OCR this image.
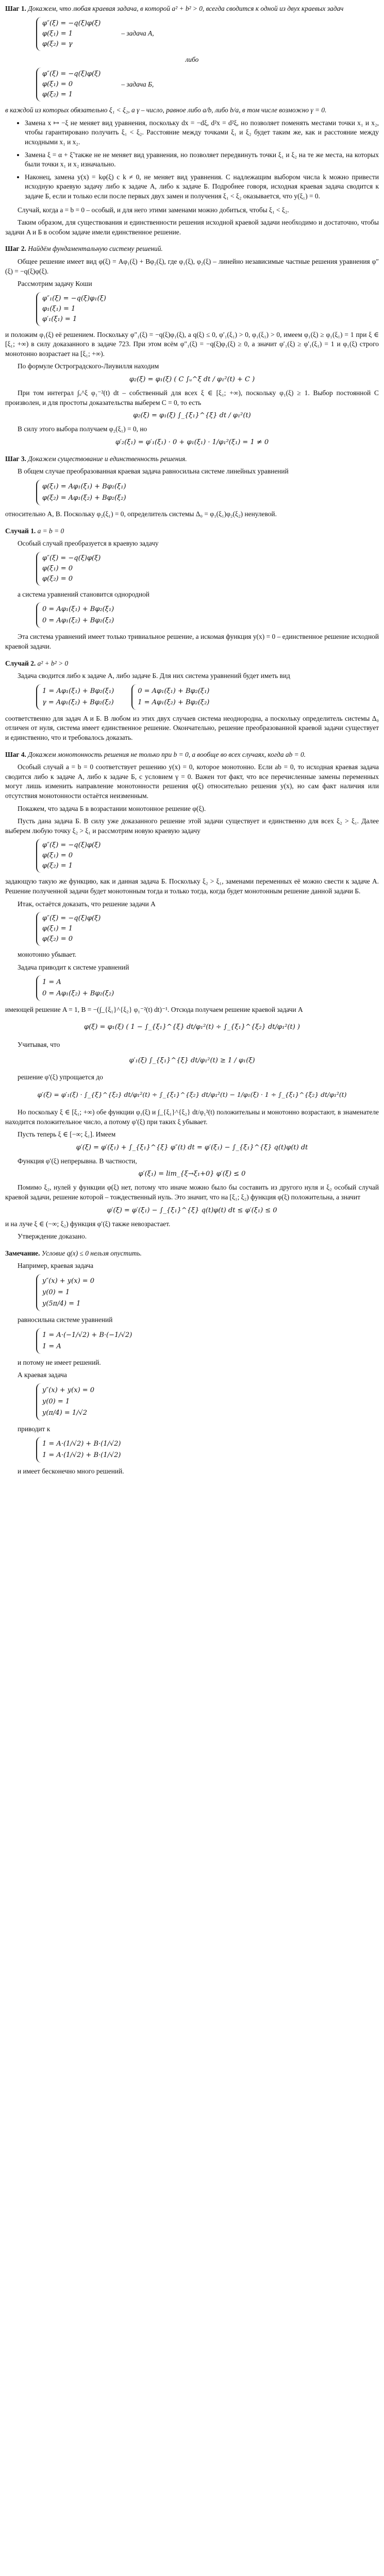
Шаг 1. Докажем, что любая краевая задача, в которой a² + b² > 0, всегда сводится к одной из двух краевых задач

φ″(ξ) = −q(ξ)φ(ξ)
φ(ξ₁) = 1
φ(ξ₂) = γ
– задача A,

либо

φ″(ξ) = −q(ξ)φ(ξ)
φ(ξ₁) = 0
φ(ξ₂) = 1
– задача Б,

в каждой из которых обязательно ξ₁ < ξ₂, а γ – число, равное либо a/b, либо b/a, в том числе возможно γ = 0.

• Замена x ↦ −ξ не меняет вид уравнения, поскольку dx = −dξ, d²x = d²ξ, но позволяет поменять местами точки x₁ и x₂, чтобы гарантировано получить ξ₁ < ξ₂. Расстояние между точками ξ₁ и ξ₂ будет таким же, как и расстояние между исходными x₁ и x₂.
• Замена ξ = α + ξ̃ также не не меняет вид уравнения, но позволяет передвинуть точки ξ₁ и ξ₂ на те же места, на которых были точки x₁ и x₂ изначально.
• Наконец, замена y(x) = kφ(ξ) с k ≠ 0, не меняет вид уравнения. С надлежащим выбором числа k можно привести исходную краевую задачу либо к задаче A, либо к задаче Б. Подробнее говоря, исходная краевая задача сводится к задаче Б, если и только если после первых двух замен и получения ξ₁ < ξ₂ оказывается, что y(ξ₁) = 0.

Случай, когда a = b = 0 – особый, и для него этими заменами можно добиться, чтобы ξ₁ < ξ₂.

Таким образом, для существования и единственности решения исходной краевой задачи необходимо и достаточно, чтобы задачи A и Б в особом задаче имели единственное решение.

Шаг 2. Найдём фундаментальную систему решений.

Общее решение имеет вид φ(ξ) = Aφ₁(ξ) + Bφ₂(ξ), где φ₁(ξ), φ₂(ξ) – линейно независимые частные решения уравнения φ″(ξ) = −q(ξ)φ(ξ).

Рассмотрим задачу Коши

φ″₁(ξ) = −q(ξ)φ₁(ξ)
φ₁(ξ₁) = 1
φ′₁(ξ₁) = 1

и положим φ₁(ξ) её решением. Поскольку φ″₁(ξ) = −q(ξ)φ₁(ξ), а q(ξ) ≤ 0, φ′₁(ξ₁) > 0, φ₁(ξ₁) > 0, имеем φ₁(ξ) ≥ φ₁(ξ₁) = 1 при ξ ∈ [ξ₁; +∞) в силу доказанного в задаче 723. При этом всём φ″₁(ξ) = −q(ξ)φ₁(ξ) ≥ 0, а значит φ′₁(ξ) ≥ φ′₁(ξ₁) = 1 и φ₁(ξ) строго монотонно возрастает на [ξ₁; +∞).

По формуле Остроградского-Лиувилля находим

φ₂(ξ) = φ₁(ξ) ( C ∫ᵤ^ξ dt / φ₁²(t) + C )

При том интеграл ∫ᵤ^ξ φ₁⁻²(t) dt – собственный для всех ξ ∈ [ξ₁; +∞), поскольку φ₁(ξ) ≥ 1. Выбор постоянной C произволен, и для простоты доказательства выберем C = 0, то есть

φ₂(ξ) = φ₁(ξ) ∫_{ξ₁}^{ξ} dt / φ₁²(t)

В силу этого выбора получаем φ₂(ξ₁) = 0, но

φ′₂(ξ₁) = φ′₁(ξ₁) · 0 + φ₁(ξ₁) · 1/φ₁²(ξ₁) = 1 ≠ 0

Шаг 3. Докажем существование и единственность решения.

В общем случае преобразованная краевая задача равносильна системе линейных уравнений

φ(ξ₁) = Aφ₁(ξ₁) + Bφ₂(ξ₁)
φ(ξ₂) = Aφ₁(ξ₂) + Bφ₂(ξ₂)

относительно A, B. Поскольку φ₂(ξ₁) = 0, определитель системы Δ₀ = φ₁(ξ₁)φ₂(ξ₂) ненулевой.

Случай 1. a = b = 0

Особый случай преобразуется в краевую задачу

φ″(ξ) = −q(ξ)φ(ξ)
φ(ξ₁) = 0
φ(ξ₂) = 0

а система уравнений становится однородной

0 = Aφ₁(ξ₁) + Bφ₂(ξ₁)
0 = Aφ₁(ξ₂) + Bφ₂(ξ₂)

Эта система уравнений имеет только тривиальное решение, а искомая функция y(x) = 0 – единственное решение исходной краевой задачи.

Случай 2. a² + b² > 0

Задача сводится либо к задаче A, либо задаче Б. Для них система уравнений будет иметь вид

1 = Aφ₁(ξ₁) + Bφ₂(ξ₁)
γ = Aφ₁(ξ₂) + Bφ₂(ξ₂)
0 = Aφ₁(ξ₁) + Bφ₂(ξ₁)
1 = Aφ₁(ξ₂) + Bφ₂(ξ₂)

соответственно для задач A и Б. В любом из этих двух случаев система неоднородна, а поскольку определитель системы Δ₀ отличен от нуля, система имеет единственное решение. Окончательно, решение преобразованной краевой задачи существует и единственно, что и требовалось доказать.

Шаг 4. Докажем монотонность решения не только при b = 0, а вообще во всех случаях, когда ab = 0.

Особый случай a = b = 0 соответствует решению y(x) = 0, которое монотонно. Если ab = 0, то исходная краевая задача сводится либо к задаче A, либо к задаче Б, с условием γ = 0. Важен тот факт, что все перечисленные замены переменных могут лишь изменить направление монотонности решения φ(ξ) относительно решения y(x), но сам факт наличия или отсутствия монотонности остаётся неизменным.

Покажем, что задача Б в возрастании монотонное решение φ(ξ).

Пусть дана задача Б. В силу уже доказанного решение этой задачи существует и единственно для всех ξ₂ > ξ₁. Далее выберем любую точку ξ₂ > ξ₁ и рассмотрим новую краевую задачу

φ″(ξ) = −q(ξ)φ(ξ)
φ(ξ₁) = 0
φ(ξ₂) = 1

задающую такую же функцию, как и данная задача Б. Поскольку ξ₂ > ξ₁, заменами переменных её можно свести к задаче A. Решение полученной задачи будет монотонным тогда и только тогда, когда будет монотонным решение данной задачи Б.

Итак, остаётся доказать, что решение задачи A

φ″(ξ) = −q(ξ)φ(ξ)
φ(ξ₁) = 1
φ(ξ₂) = 0

монотонно убывает.

Задача приводит к системе уравнений

1 = A
0 = Aφ₁(ξ₂) + Bφ₂(ξ₂)

имеющей решение A = 1, B = −(∫_{ξ₁}^{ξ₂} φ₁⁻²(t) dt)⁻¹. Отсюда получаем решение краевой задачи A

φ(ξ) = φ₁(ξ) ( 1 − ∫_{ξ₁}^{ξ} dt/φ₁²(t) ÷ ∫_{ξ₁}^{ξ₂} dt/φ₁²(t) )

Учитывая, что

φ′₁(ξ) ∫_{ξ₁}^{ξ} dt/φ₁²(t) ≥ 1 / φ₁(ξ)

решение φ′(ξ) упрощается до

φ′(ξ) = φ′₁(ξ) · ∫_{ξ}^{ξ₂} dt/φ₁²(t) ÷ ∫_{ξ₁}^{ξ₂} dt/φ₁²(t) − 1/φ₁(ξ) · 1 ÷ ∫_{ξ₁}^{ξ₂} dt/φ₁²(t)

Но поскольку ξ ∈ [ξ₁; +∞) обе функции φ₁(ξ) и ∫_{ξ₁}^{ξ₂} dt/φ₁²(t) положительны и монотонно возрастают, в знаменателе находится положительное число, а потому φ′(ξ) при таких ξ убывает.

Пусть теперь ξ ∈ [−∞; ξ₁]. Имеем

φ′(ξ) = φ′(ξ₁) + ∫_{ξ₁}^{ξ} φ″(t) dt = φ′(ξ₁) − ∫_{ξ₁}^{ξ} q(t)φ(t) dt

Функция φ′(ξ) непрерывна. В частности,

φ′(ξ₁) = lim_{ξ→ξ₁+0} φ′(ξ) ≤ 0

Помимо ξ₂, нулей у функции φ(ξ) нет, потому что иначе можно было бы составить из другого нуля и ξ₂ особый случай краевой задачи, решение которой – тождественный нуль. Это значит, что на [ξ₁; ξ₂) функция φ(ξ) положительна, а значит

φ′(ξ) = φ′(ξ₁) − ∫_{ξ₁}^{ξ} q(t)φ(t) dt ≤ φ′(ξ₁) ≤ 0

и на луче ξ ∈ (−∞; ξ₂) функция φ′(ξ) также невозрастает.

Утверждение доказано.

Замечание. Условие q(x) ≤ 0 нельзя опустить.

Например, краевая задача

y″(x) + y(x) = 0
y(0) = 1
y(5π/4) = 1

равносильна системе уравнений

1 = A·(−1/√2) + B·(−1/√2)
1 = A

и потому не имеет решений.

А краевая задача

y″(x) + y(x) = 0
y(0) = 1
y(π/4) = 1/√2

приводит к

1 = A·(1/√2) + B·(1/√2)
1 = A·(1/√2) + B·(1/√2)

и имеет бесконечно много решений.
